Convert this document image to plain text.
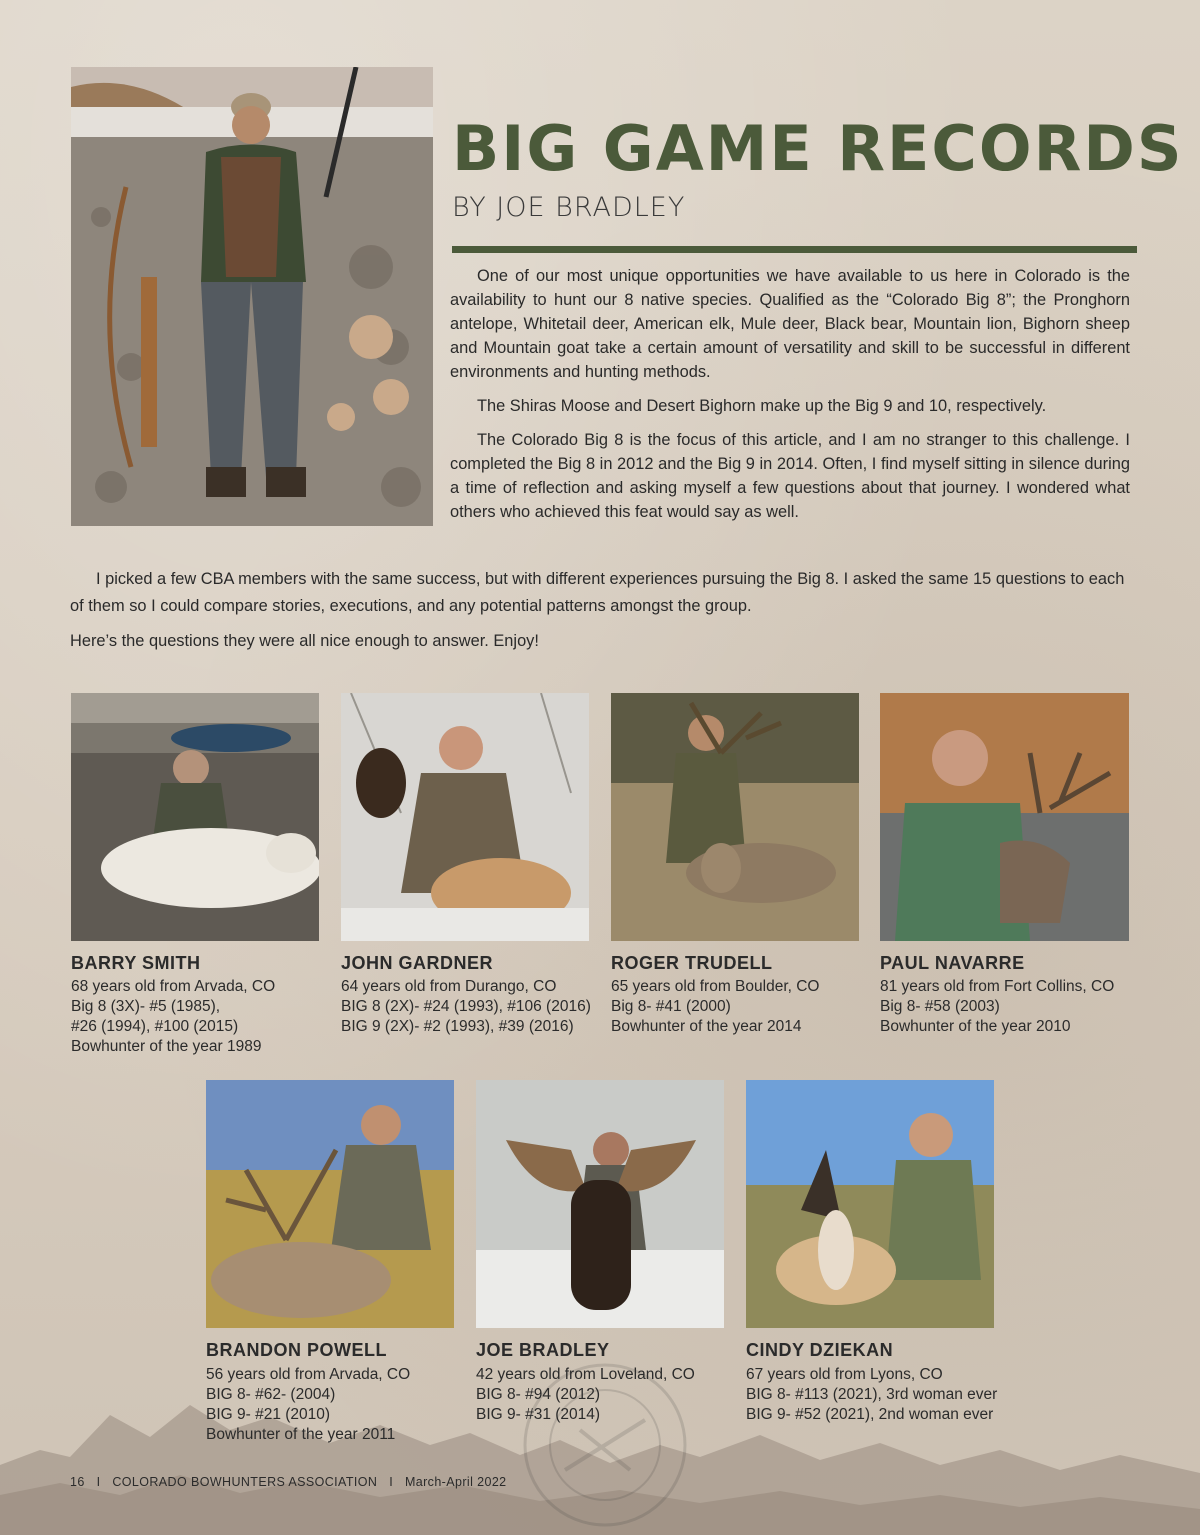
BIG GAME RECORDS
BY JOE BRADLEY

One of our most unique opportunities we have available to us here in Colorado is the availability to hunt our 8 native species. Qualified as the “Colorado Big 8”; the Pronghorn antelope, Whitetail deer, American elk, Mule deer, Black bear, Mountain lion, Bighorn sheep and Mountain goat take a certain amount of versatility and skill to be successful in different environments and hunting methods.

The Shiras Moose and Desert Bighorn make up the Big 9 and 10, respectively.

The Colorado Big 8 is the focus of this article, and I am no stranger to this challenge. I completed the Big 8 in 2012 and the Big 9 in 2014. Often, I find myself sitting in silence during a time of reflection and asking myself a few questions about that journey. I wondered what others who achieved this feat would say as well.

I picked a few CBA members with the same success, but with different experiences pursuing the Big 8. I asked the same 15 questions to each of them so I could compare stories, executions, and any potential patterns amongst the group.

Here’s the questions they were all nice enough to answer. Enjoy!

BARRY SMITH
68 years old from Arvada, CO
Big 8 (3X)- #5 (1985),
#26 (1994), #100 (2015)
Bowhunter of the year 1989
JOHN GARDNER
64 years old from Durango, CO
BIG 8 (2X)- #24 (1993), #106 (2016)
BIG 9 (2X)- #2 (1993), #39 (2016)
ROGER TRUDELL
65 years old from Boulder, CO
Big 8- #41 (2000)
Bowhunter of the year 2014
PAUL NAVARRE
81 years old from Fort Collins, CO
Big 8- #58 (2003)
Bowhunter of the year 2010
BRANDON POWELL
56 years old from Arvada, CO
BIG 8- #62- (2004)
BIG 9- #21 (2010)
Bowhunter of the year 2011
JOE BRADLEY
42 years old from Loveland, CO
BIG 8- #94 (2012)
BIG 9- #31 (2014)
CINDY DZIEKAN
67 years old from Lyons, CO
BIG 8- #113 (2021), 3rd woman ever
BIG 9- #52 (2021), 2nd woman ever
16 I COLORADO BOWHUNTERS ASSOCIATION I March-April 2022
